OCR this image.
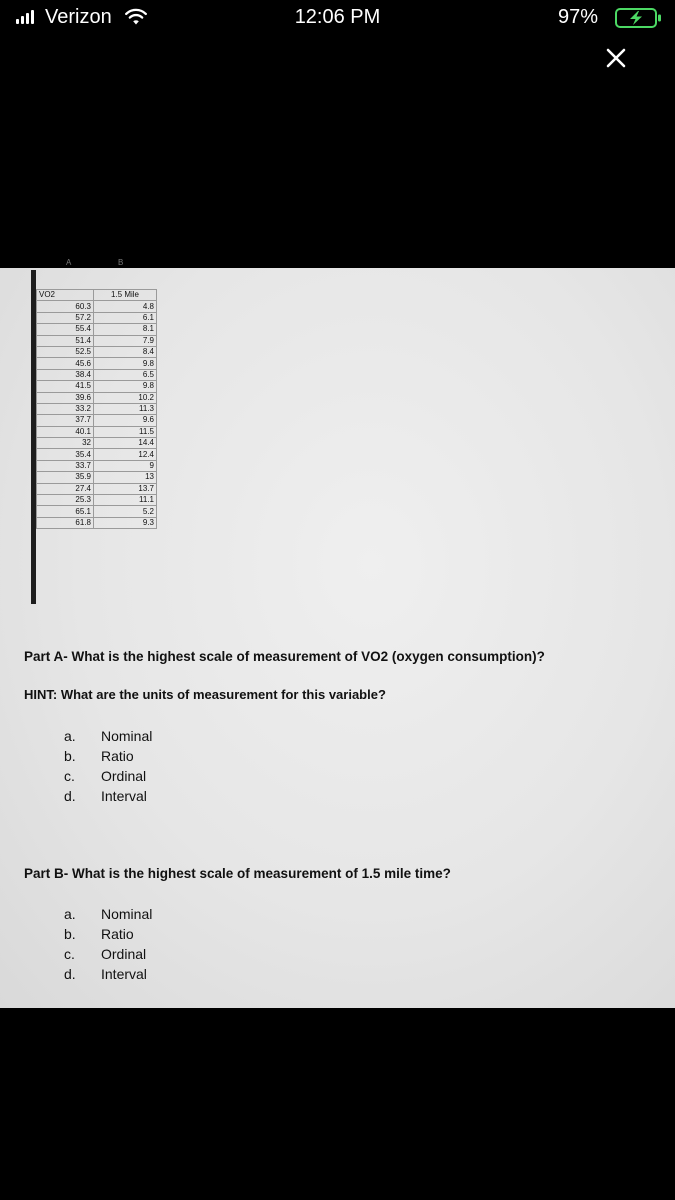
Verizon	12:06 PM	97%
A	B
VO2	1.5 Mile
60.3	4.8
57.2	6.1
55.4	8.1
51.4	7.9
52.5	8.4
45.6	9.8
38.4	6.5
41.5	9.8
39.6	10.2
33.2	11.3
37.7	9.6
40.1	11.5
32	14.4
35.4	12.4
33.7	9
35.9	13
27.4	13.7
25.3	11.1
65.1	5.2
61.8	9.3
Part A- What is the highest scale of measurement of VO2 (oxygen consumption)?
HINT: What are the units of measurement for this variable?
a. Nominal
b. Ratio
c. Ordinal
d. Interval
Part B- What is the highest scale of measurement of 1.5 mile time?
a. Nominal
b. Ratio
c. Ordinal
d. Interval
